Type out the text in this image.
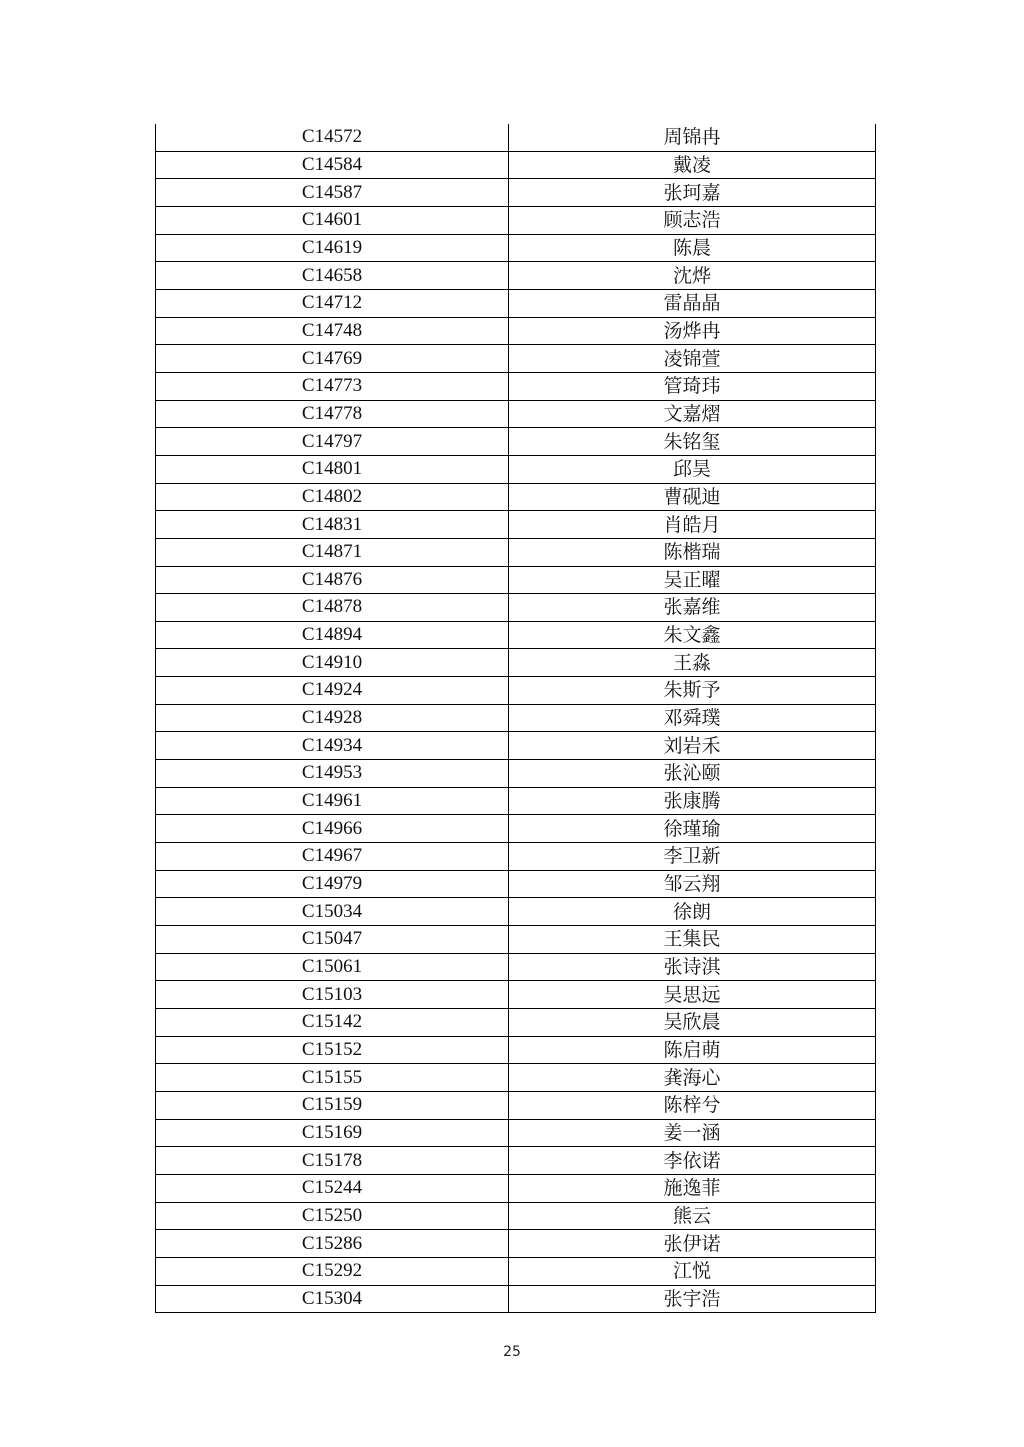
C14572	周锦冉
C14584	戴凌
C14587	张珂嘉
C14601	顾志浩
C14619	陈晨
C14658	沈烨
C14712	雷晶晶
C14748	汤烨冉
C14769	凌锦萱
C14773	管琦玮
C14778	文嘉熠
C14797	朱铭玺
C14801	邱昊
C14802	曹砚迪
C14831	肖皓月
C14871	陈楷瑞
C14876	吴正曜
C14878	张嘉维
C14894	朱文鑫
C14910	王淼
C14924	朱斯予
C14928	邓舜璞
C14934	刘岩禾
C14953	张沁颐
C14961	张康腾
C14966	徐瑾瑜
C14967	李卫新
C14979	邹云翔
C15034	徐朗
C15047	王集民
C15061	张诗淇
C15103	吴思远
C15142	吴欣晨
C15152	陈启萌
C15155	龚海心
C15159	陈梓兮
C15169	姜一涵
C15178	李依诺
C15244	施逸菲
C15250	熊云
C15286	张伊诺
C15292	江悦
C15304	张宇浩
25
